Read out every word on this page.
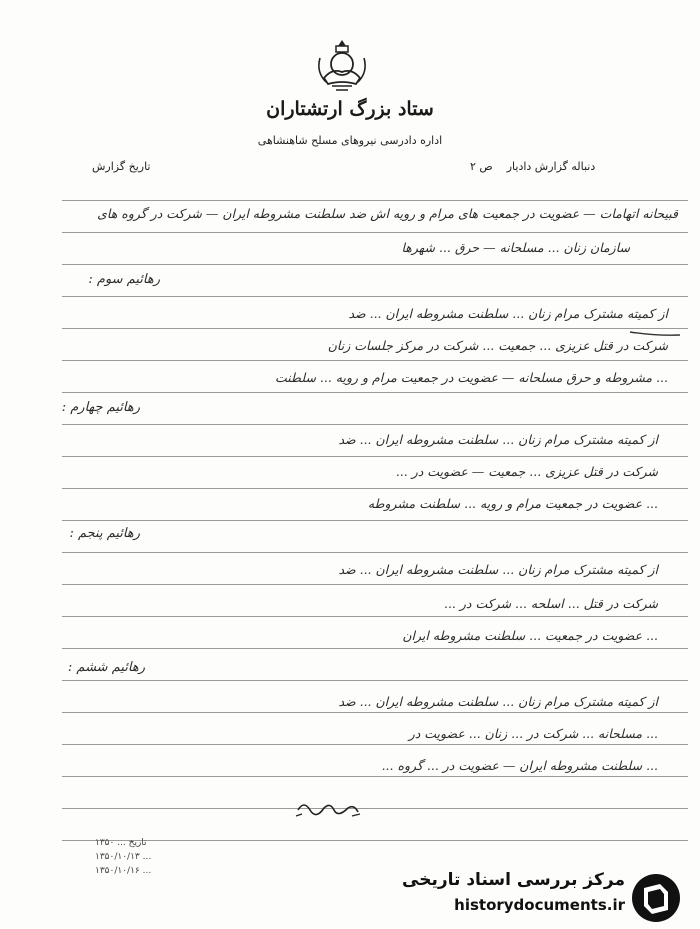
ستاد بزرگ ارتشتاران
اداره دادرسی نیروهای مسلح شاهنشاهی
تاریخ گزارش	دنباله گزارش دادیار    ص ۲
قبیحانه اتهامات — عضویت در جمعیت های مرام و رویه اش ضد سلطنت مشروطه ایران — شرکت در گروه های
سازمان زنان ... مسلحانه — حرق ... شهرها
رهائیم سوم :
از کمیته مشترک مرام زنان ... سلطنت مشروطه ایران ... ضد
شرکت در قتل عزیزی ... جمعیت ... شرکت در مرکز جلسات زنان
... مشروطه و حرق مسلحانه — عضویت در جمعیت مرام و رویه ... سلطنت
رهائیم چهارم :
از کمیته مشترک مرام زنان ... سلطنت مشروطه ایران ... ضد
شرکت در قتل عزیزی ... جمعیت — عضویت در ...
... عضویت در جمعیت مرام و رویه ... سلطنت مشروطه
رهائیم پنجم :
از کمیته مشترک مرام زنان ... سلطنت مشروطه ایران ... ضد
شرکت در قتل ... اسلحه ... شرکت در ...
... عضویت در جمعیت ... سلطنت مشروطه ایران
رهائیم ششم :
از کمیته مشترک مرام زنان ... سلطنت مشروطه ایران ... ضد
... مسلحانه ... شرکت در ... زنان ... عضویت در
... سلطنت مشروطه ایران — عضویت در ... گروه ...
تاریخ ... ۱۳۵۰
... ۱۳۵۰/۱۰/۱۳
... ۱۳۵۰/۱۰/۱۶	مرکز بررسی اسناد تاریخی
historydocuments.ir
